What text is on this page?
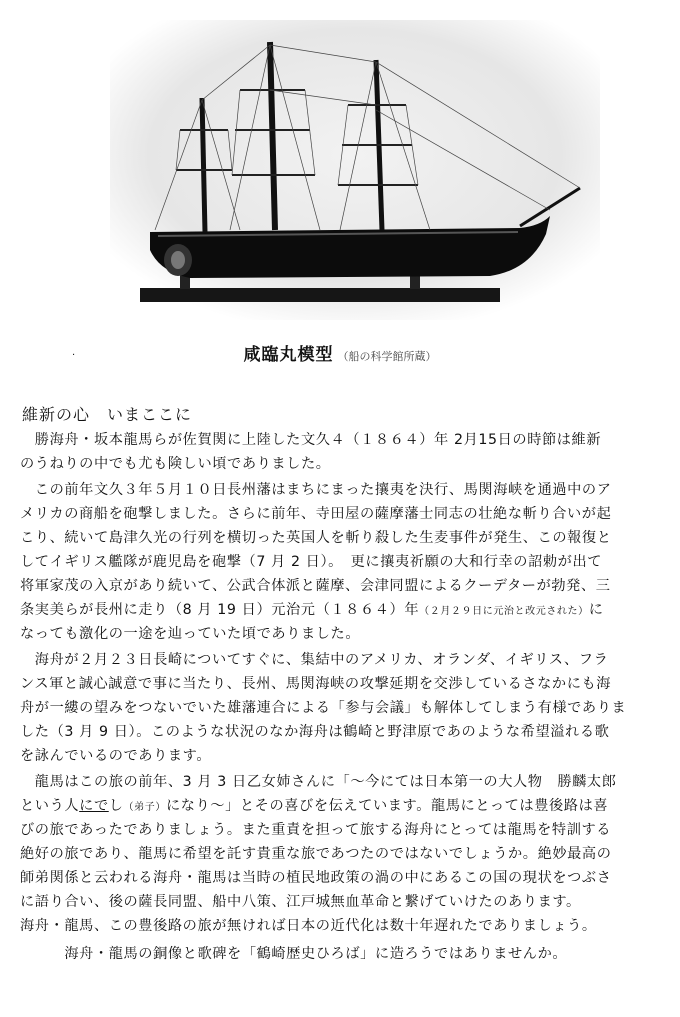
咸臨丸模型 （船の科学館所蔵）
·
維新の心　いまここに
　勝海舟・坂本龍馬らが佐賀関に上陸した文久４（１８６４）年 2月15日の時節は維新
のうねりの中でも尤も険しい頃でありました。
　この前年文久３年５月１０日長州藩はまちにまった攘夷を決行、馬関海峡を通過中のア
メリカの商船を砲撃しました。さらに前年、寺田屋の薩摩藩士同志の壮絶な斬り合いが起
こり、続いて島津久光の行列を横切った英国人を斬り殺した生麦事件が発生、この報復と
してイギリス艦隊が鹿児島を砲撃（7 月 2 日）。　更に攘夷祈願の大和行幸の詔勅が出て
将軍家茂の入京があり続いて、公武合体派と薩摩、会津同盟によるクーデターが勃発、三
条実美らが長州に走り（8 月 19 日）元治元（１８６４）年（２月２９日に元治と改元された）に
なっても激化の一途を辿っていた頃でありました。
　海舟が２月２３日長崎についてすぐに、集結中のアメリカ、オランダ、イギリス、フラ
ンス軍と誠心誠意で事に当たり、長州、馬関海峡の攻撃延期を交渉しているさなかにも海
舟が一縷の望みをつないでいた雄藩連合による「参与会議」も解体してしまう有様でありま
した（3 月 9 日）。このような状況のなか海舟は鶴崎と野津原であのような希望溢れる歌
を詠んでいるのであります。
　龍馬はこの旅の前年、3 月 3 日乙女姉さんに「～今にては日本第一の大人物　勝麟太郎
という人にでし（弟子）になり～」とその喜びを伝えています。龍馬にとっては豊後路は喜
びの旅であったでありましょう。また重責を担って旅する海舟にとっては龍馬を特訓する
絶好の旅であり、龍馬に希望を託す貴重な旅であつたのではないでしょうか。絶妙最高の
師弟関係と云われる海舟・龍馬は当時の植民地政策の渦の中にあるこの国の現状をつぶさ
に語り合い、後の薩長同盟、船中八策、江戸城無血革命と繋げていけたのあります。
海舟・龍馬、この豊後路の旅が無ければ日本の近代化は数十年遅れたでありましょう。
　　　海舟・龍馬の銅像と歌碑を「鶴崎歴史ひろば」に造ろうではありませんか。
